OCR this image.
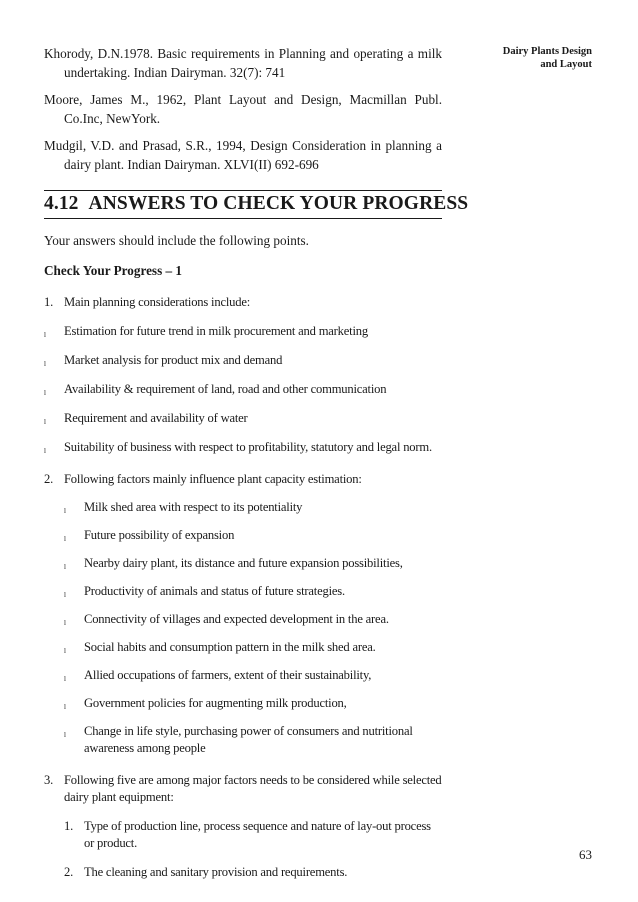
Dairy Plants Design
and Layout
Khorody, D.N.1978. Basic requirements in Planning and operating a milk undertaking. Indian Dairyman. 32(7): 741
Moore, James M., 1962, Plant Layout and Design, Macmillan Publ. Co.Inc, NewYork.
Mudgil, V.D. and Prasad, S.R., 1994, Design Consideration in planning a dairy plant. Indian Dairyman. XLVI(II) 692-696
4.12 ANSWERS TO CHECK YOUR PROGRESS
Your answers should include the following points.
Check Your Progress – 1
1. Main planning considerations include:
l Estimation for future trend in milk procurement and marketing
l Market analysis for product mix and demand
l Availability & requirement of land, road and other communication
l Requirement and availability of water
l Suitability of business with respect to profitability, statutory and legal norm.
2. Following factors mainly influence plant capacity estimation:
l Milk shed area with respect to its potentiality
l Future possibility of expansion
l Nearby dairy plant, its distance and future expansion possibilities,
l Productivity of animals and status of future strategies.
l Connectivity of villages and expected development in the area.
l Social habits and consumption pattern in the milk shed area.
l Allied occupations of farmers, extent of their sustainability,
l Government policies for augmenting milk production,
l Change in life style, purchasing power of consumers and nutritional awareness among people
3. Following five are among major factors needs to be considered while selected dairy plant equipment:
1. Type of production line, process sequence and nature of lay-out process or product.
2. The cleaning and sanitary provision and requirements.
63
